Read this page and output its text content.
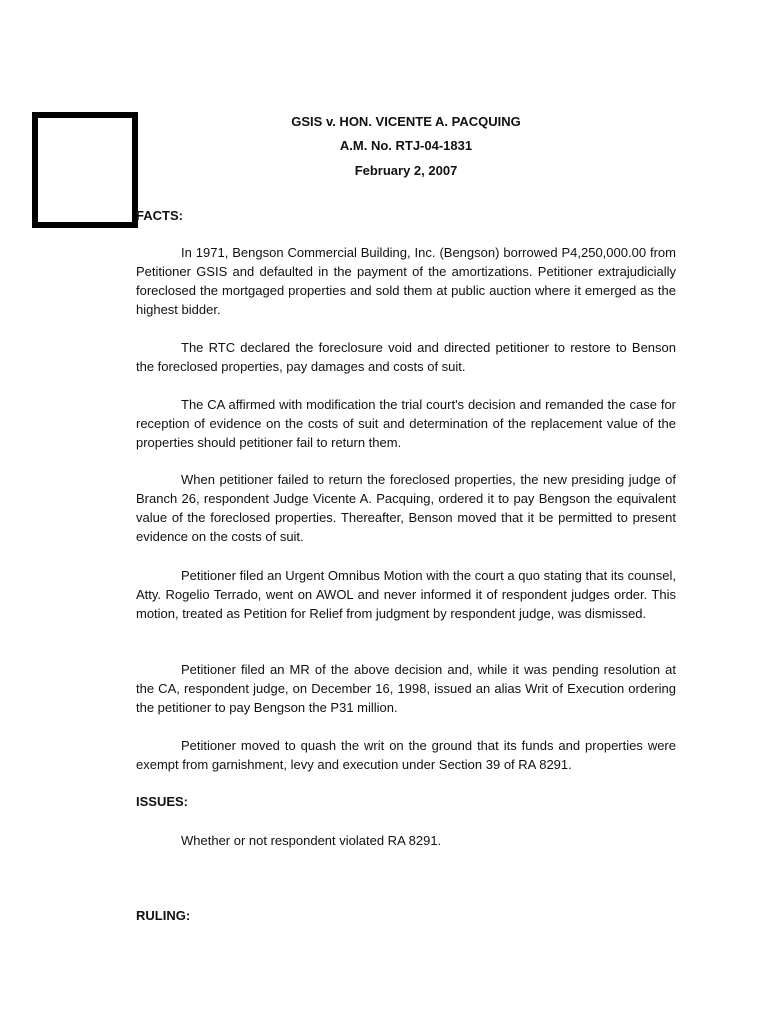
GSIS v. HON. VICENTE A. PACQUING
A.M. No. RTJ-04-1831
February 2, 2007
FACTS:

In 1971, Bengson Commercial Building, Inc. (Bengson) borrowed P4,250,000.00 from Petitioner GSIS and defaulted in the payment of the amortizations. Petitioner extrajudicially foreclosed the mortgaged properties and sold them at public auction where it emerged as the highest bidder.

The RTC declared the foreclosure void and directed petitioner to restore to Benson the foreclosed properties, pay damages and costs of suit.

The CA affirmed with modification the trial court's decision and remanded the case for reception of evidence on the costs of suit and determination of the replacement value of the properties should petitioner fail to return them.

When petitioner failed to return the foreclosed properties, the new presiding judge of Branch 26, respondent Judge Vicente A. Pacquing, ordered it to pay Bengson the equivalent value of the foreclosed properties. Thereafter, Benson moved that it be permitted to present evidence on the costs of suit.

Petitioner filed an Urgent Omnibus Motion with the court a quo stating that its counsel, Atty. Rogelio Terrado, went on AWOL and never informed it of respondent judges order. This motion, treated as Petition for Relief from judgment by respondent judge, was dismissed.

Petitioner filed an MR of the above decision and, while it was pending resolution at the CA, respondent judge, on December 16, 1998, issued an alias Writ of Execution ordering the petitioner to pay Bengson the P31 million.

Petitioner moved to quash the writ on the ground that its funds and properties were exempt from garnishment, levy and execution under Section 39 of RA 8291.

ISSUES:

Whether or not respondent violated RA 8291.

RULING:
